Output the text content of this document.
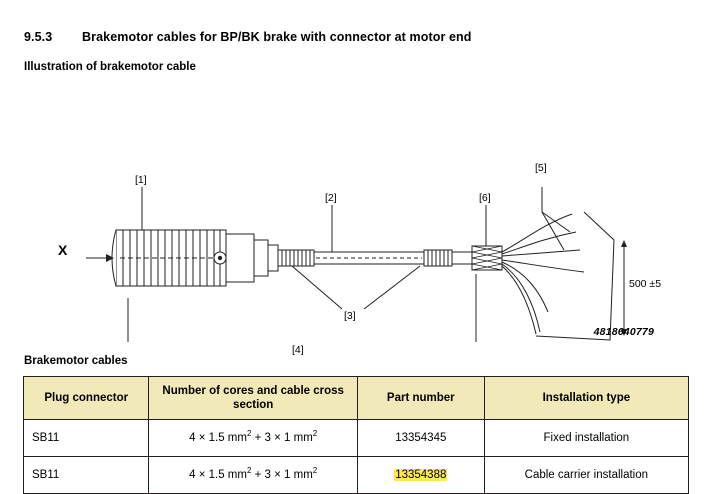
9.5.3 Brakemotor cables for BP/BK brake with connector at motor end
Illustration of brakemotor cable
X
[1]
[2]
[3]
[4]
[5]
[6]
500 ±5
4818640779
Brakemotor cables
Plug connector	Number of cores and cable cross section	Part number	Installation type
SB11	4 × 1.5 $mm^2 + 3 \times 1$ $mm^2$	13354345	Fixed installation
SB11	4 × 1.5 $mm^2 + 3 \times 1$ $mm^2$	13354388	Cable carrier installation
